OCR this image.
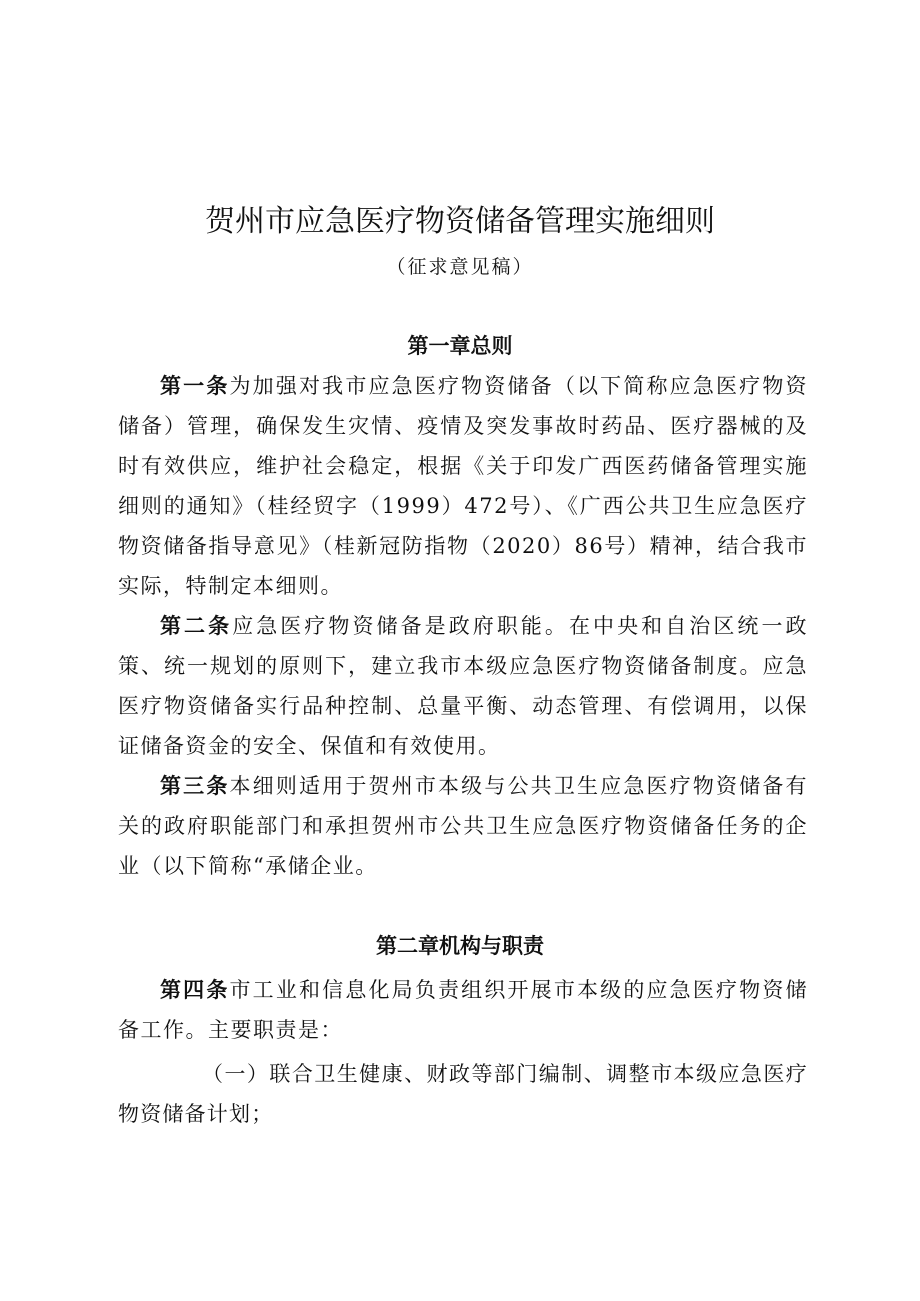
贺州市应急医疗物资储备管理实施细则
（征求意见稿）
第一章总则

第一条为加强对我市应急医疗物资储备（以下简称应急医疗物资储备）管理，确保发生灾情、疫情及突发事故时药品、医疗器械的及时有效供应，维护社会稳定，根据《关于印发广西医药储备管理实施细则的通知》（桂经贸字（1999）472号）、《广西公共卫生应急医疗物资储备指导意见》（桂新冠防指物（2020）86号）精神，结合我市实际，特制定本细则。

第二条应急医疗物资储备是政府职能。在中央和自治区统一政策、统一规划的原则下，建立我市本级应急医疗物资储备制度。应急医疗物资储备实行品种控制、总量平衡、动态管理、有偿调用，以保证储备资金的安全、保值和有效使用。

第三条本细则适用于贺州市本级与公共卫生应急医疗物资储备有关的政府职能部门和承担贺州市公共卫生应急医疗物资储备任务的企业（以下简称“承储企业。

第二章机构与职责

第四条市工业和信息化局负责组织开展市本级的应急医疗物资储备工作。主要职责是：

（一）联合卫生健康、财政等部门编制、调整市本级应急医疗物资储备计划；
